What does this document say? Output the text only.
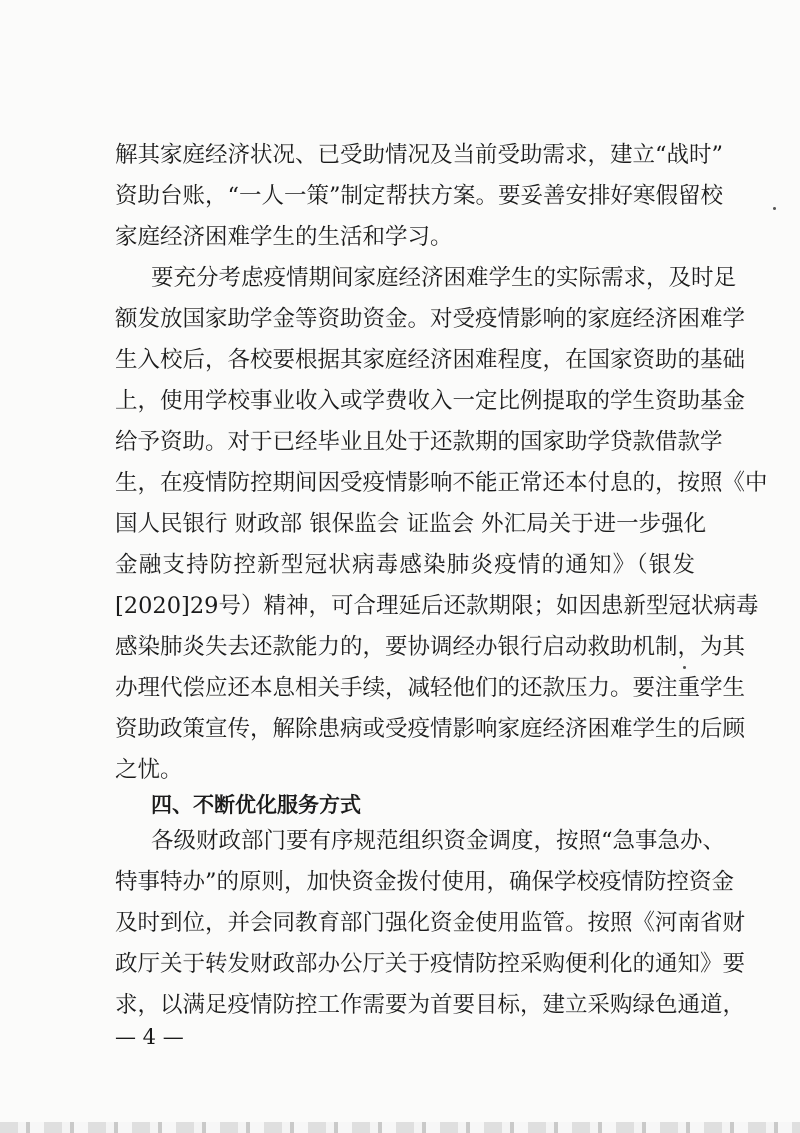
解其家庭经济状况、已受助情况及当前受助需求，建立“战时”
资助台账，“一人一策”制定帮扶方案。要妥善安排好寒假留校
家庭经济困难学生的生活和学习。
要充分考虑疫情期间家庭经济困难学生的实际需求，及时足
额发放国家助学金等资助资金。对受疫情影响的家庭经济困难学
生入校后，各校要根据其家庭经济困难程度，在国家资助的基础
上，使用学校事业收入或学费收入一定比例提取的学生资助基金
给予资助。对于已经毕业且处于还款期的国家助学贷款借款学
生，在疫情防控期间因受疫情影响不能正常还本付息的，按照《中
国人民银行 财政部 银保监会 证监会 外汇局关于进一步强化
金融支持防控新型冠状病毒感染肺炎疫情的通知》（银发
[2020]29号）精神，可合理延后还款期限；如因患新型冠状病毒
感染肺炎失去还款能力的，要协调经办银行启动救助机制，为其
办理代偿应还本息相关手续，减轻他们的还款压力。要注重学生
资助政策宣传，解除患病或受疫情影响家庭经济困难学生的后顾
之忧。
四、不断优化服务方式
各级财政部门要有序规范组织资金调度，按照“急事急办、
特事特办”的原则，加快资金拨付使用，确保学校疫情防控资金
及时到位，并会同教育部门强化资金使用监管。按照《河南省财
政厅关于转发财政部办公厅关于疫情防控采购便利化的通知》要
求，以满足疫情防控工作需要为首要目标，建立采购绿色通道，
— 4 —
